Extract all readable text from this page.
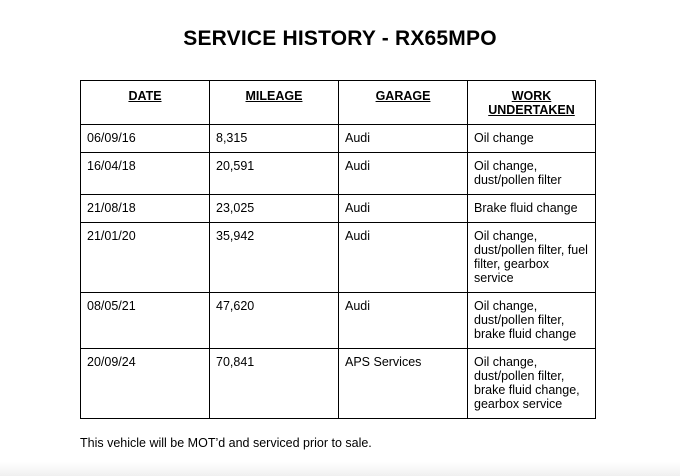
SERVICE HISTORY - RX65MPO
DATE	MILEAGE	GARAGE	WORK UNDERTAKEN
06/09/16	8,315	Audi	Oil change
16/04/18	20,591	Audi	Oil change, dust/pollen filter
21/08/18	23,025	Audi	Brake fluid change
21/01/20	35,942	Audi	Oil change, dust/pollen filter, fuel filter, gearbox service
08/05/21	47,620	Audi	Oil change, dust/pollen filter, brake fluid change
20/09/24	70,841	APS Services	Oil change, dust/pollen filter, brake fluid change, gearbox service

This vehicle will be MOT’d and serviced prior to sale.
